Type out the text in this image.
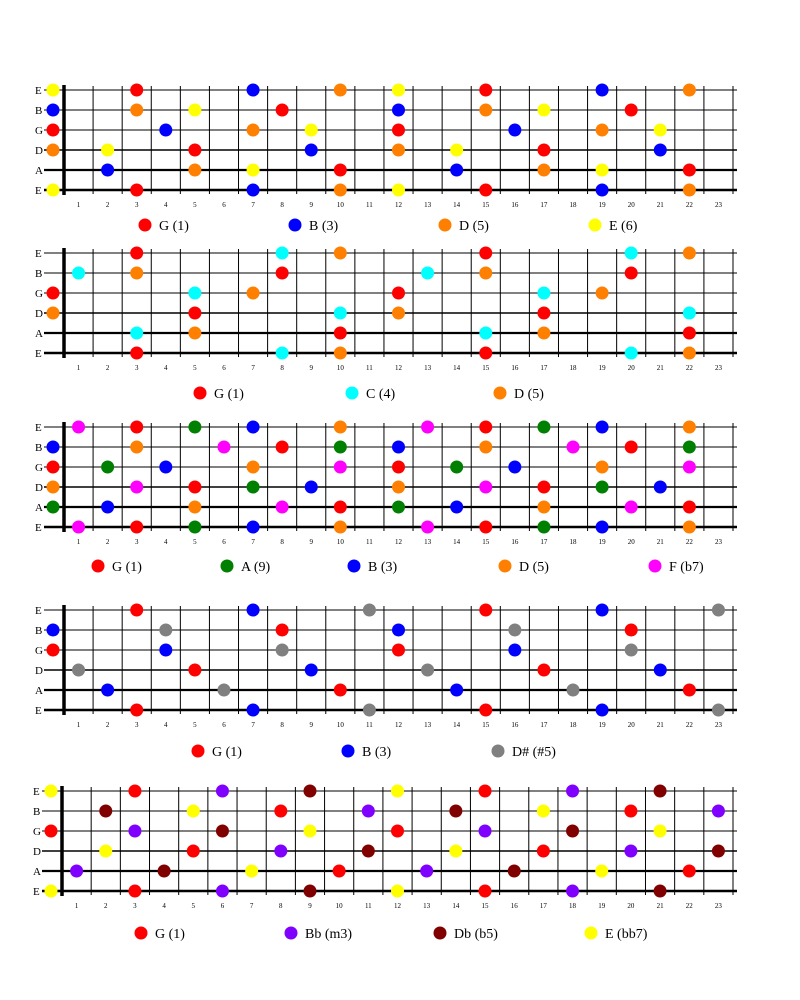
E
B
G
D
A
E
1	2	3	4	5	6	7	8	9	10	11	12	13	14	15	16	17	18	19	20	21	22	23
G (1)	B (3)	D (5)	E (6)
E
B
G
D
A
E
1	2	3	4	5	6	7	8	9	10	11	12	13	14	15	16	17	18	19	20	21	22	23
G (1)	C (4)	D (5)
E
B
G
D
A
E
1	2	3	4	5	6	7	8	9	10	11	12	13	14	15	16	17	18	19	20	21	22	23
G (1)	A (9)	B (3)	D (5)	F (b7)
E
B
G
D
A
E
1	2	3	4	5	6	7	8	9	10	11	12	13	14	15	16	17	18	19	20	21	22	23
G (1)	B (3)	D# (#5)
E
B
G
D
A
E
1	2	3	4	5	6	7	8	9	10	11	12	13	14	15	16	17	18	19	20	21	22	23
G (1)	Bb (m3)	Db (b5)	E (bb7)
